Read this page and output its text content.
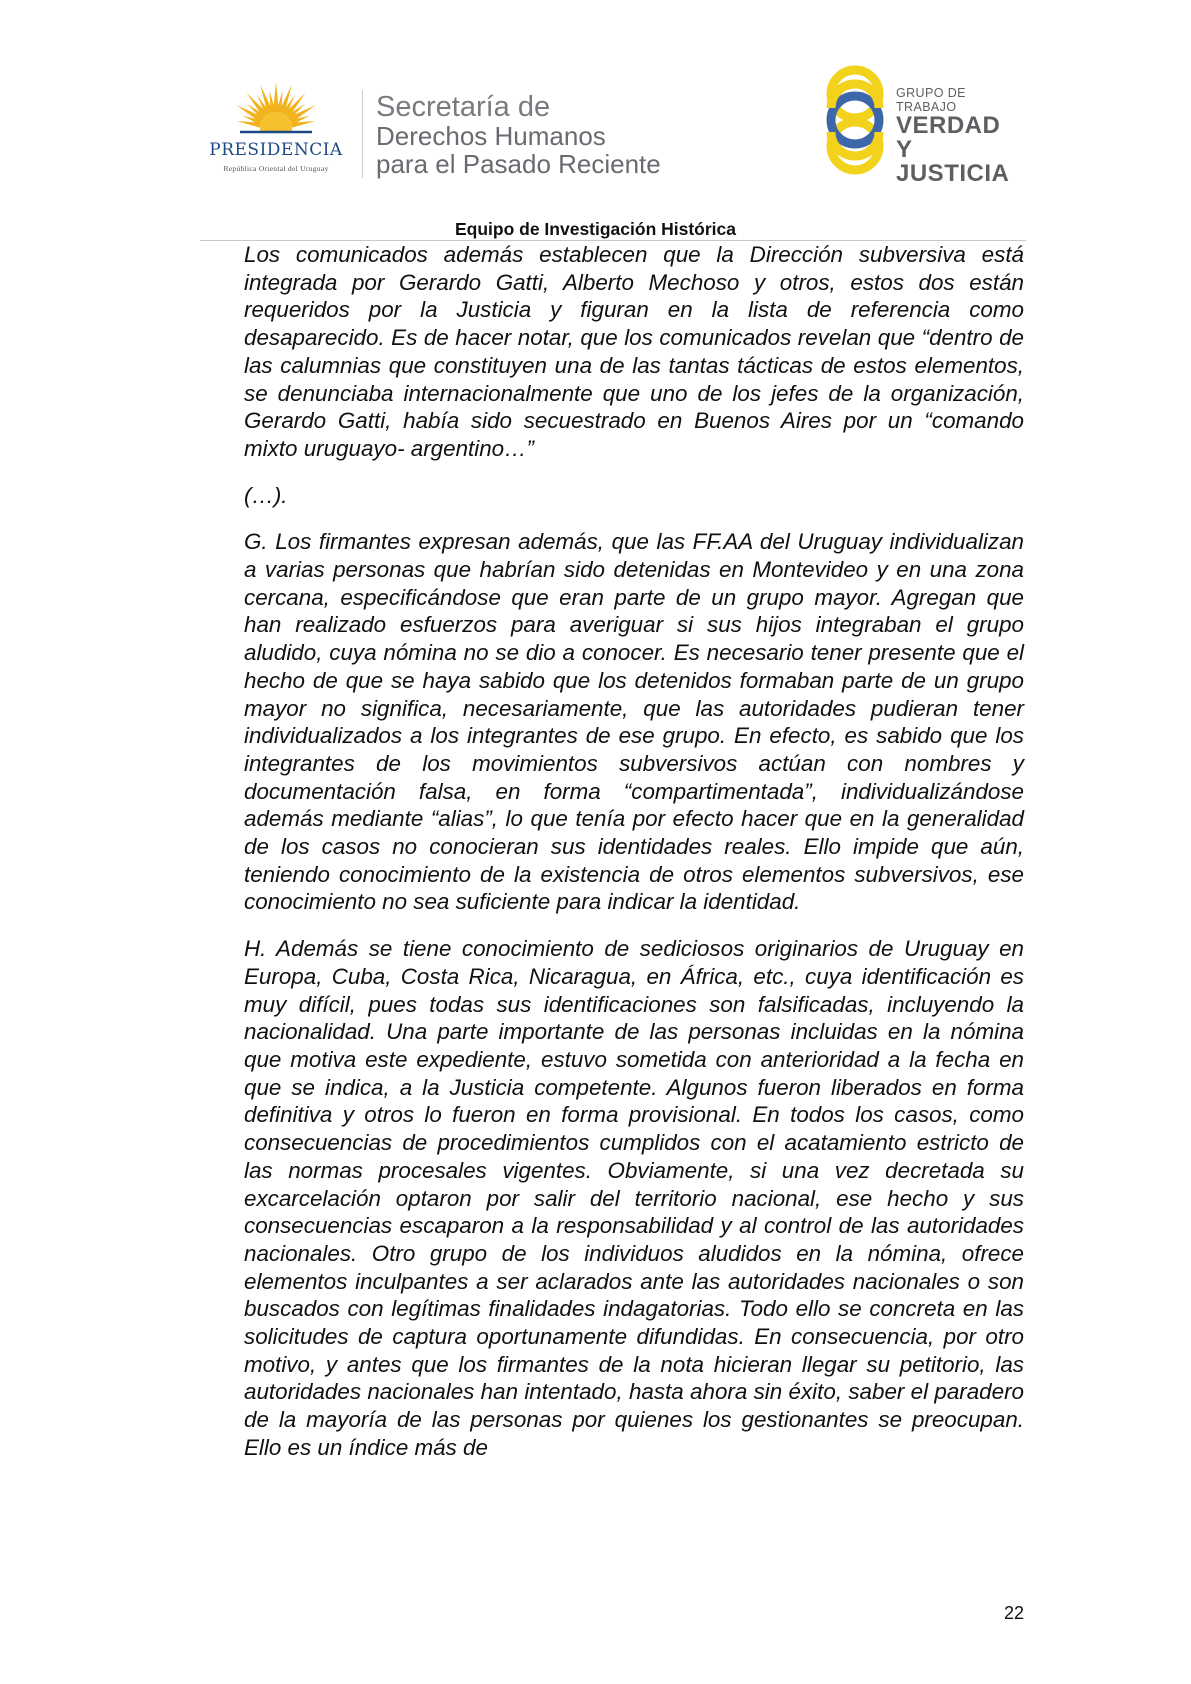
PRESIDENCIA
República Oriental del Uruguay
Secretaría de
Derechos Humanos
para el Pasado Reciente
GRUPO DE TRABAJO
VERDAD Y
JUSTICIA
Equipo de Investigación Histórica

Los comunicados además establecen que la Dirección subversiva está integrada por Gerardo Gatti, Alberto Mechoso y otros, estos dos están requeridos por la Justicia y figuran en la lista de referencia como desaparecido. Es de hacer notar, que los comunicados revelan que “dentro de las calumnias que constituyen una de las tantas tácticas de estos elementos, se denunciaba internacionalmente que uno de los jefes de la organización, Gerardo Gatti, había sido secuestrado en Buenos Aires por un “comando mixto uruguayo- argentino…”

(…).

G. Los firmantes expresan además, que las FF.AA del Uruguay individualizan a varias personas que habrían sido detenidas en Montevideo y en una zona cercana, especificándose que eran parte de un grupo mayor. Agregan que han realizado esfuerzos para averiguar si sus hijos integraban el grupo aludido, cuya nómina no se dio a conocer. Es necesario tener presente que el hecho de que se haya sabido que los detenidos formaban parte de un grupo mayor no significa, necesariamente, que las autoridades pudieran tener individualizados a los integrantes de ese grupo. En efecto, es sabido que los integrantes de los movimientos subversivos actúan con nombres y documentación falsa, en forma “compartimentada”, individualizándose además mediante “alias”, lo que tenía por efecto hacer que en la generalidad de los casos no conocieran sus identidades reales. Ello impide que aún, teniendo conocimiento de la existencia de otros elementos subversivos, ese conocimiento no sea suficiente para indicar la identidad.

H. Además se tiene conocimiento de sediciosos originarios de Uruguay en Europa, Cuba, Costa Rica, Nicaragua, en África, etc., cuya identificación es muy difícil, pues todas sus identificaciones son falsificadas, incluyendo la nacionalidad. Una parte importante de las personas incluidas en la nómina que motiva este expediente, estuvo sometida con anterioridad a la fecha en que se indica, a la Justicia competente. Algunos fueron liberados en forma definitiva y otros lo fueron en forma provisional. En todos los casos, como consecuencias de procedimientos cumplidos con el acatamiento estricto de las normas procesales vigentes. Obviamente, si una vez decretada su excarcelación optaron por salir del territorio nacional, ese hecho y sus consecuencias escaparon a la responsabilidad y al control de las autoridades nacionales. Otro grupo de los individuos aludidos en la nómina, ofrece elementos inculpantes a ser aclarados ante las autoridades nacionales o son buscados con legítimas finalidades indagatorias. Todo ello se concreta en las solicitudes de captura oportunamente difundidas. En consecuencia, por otro motivo, y antes que los firmantes de la nota hicieran llegar su petitorio, las autoridades nacionales han intentado, hasta ahora sin éxito, saber el paradero de la mayoría de las personas por quienes los gestionantes se preocupan. Ello es un índice más de

22
